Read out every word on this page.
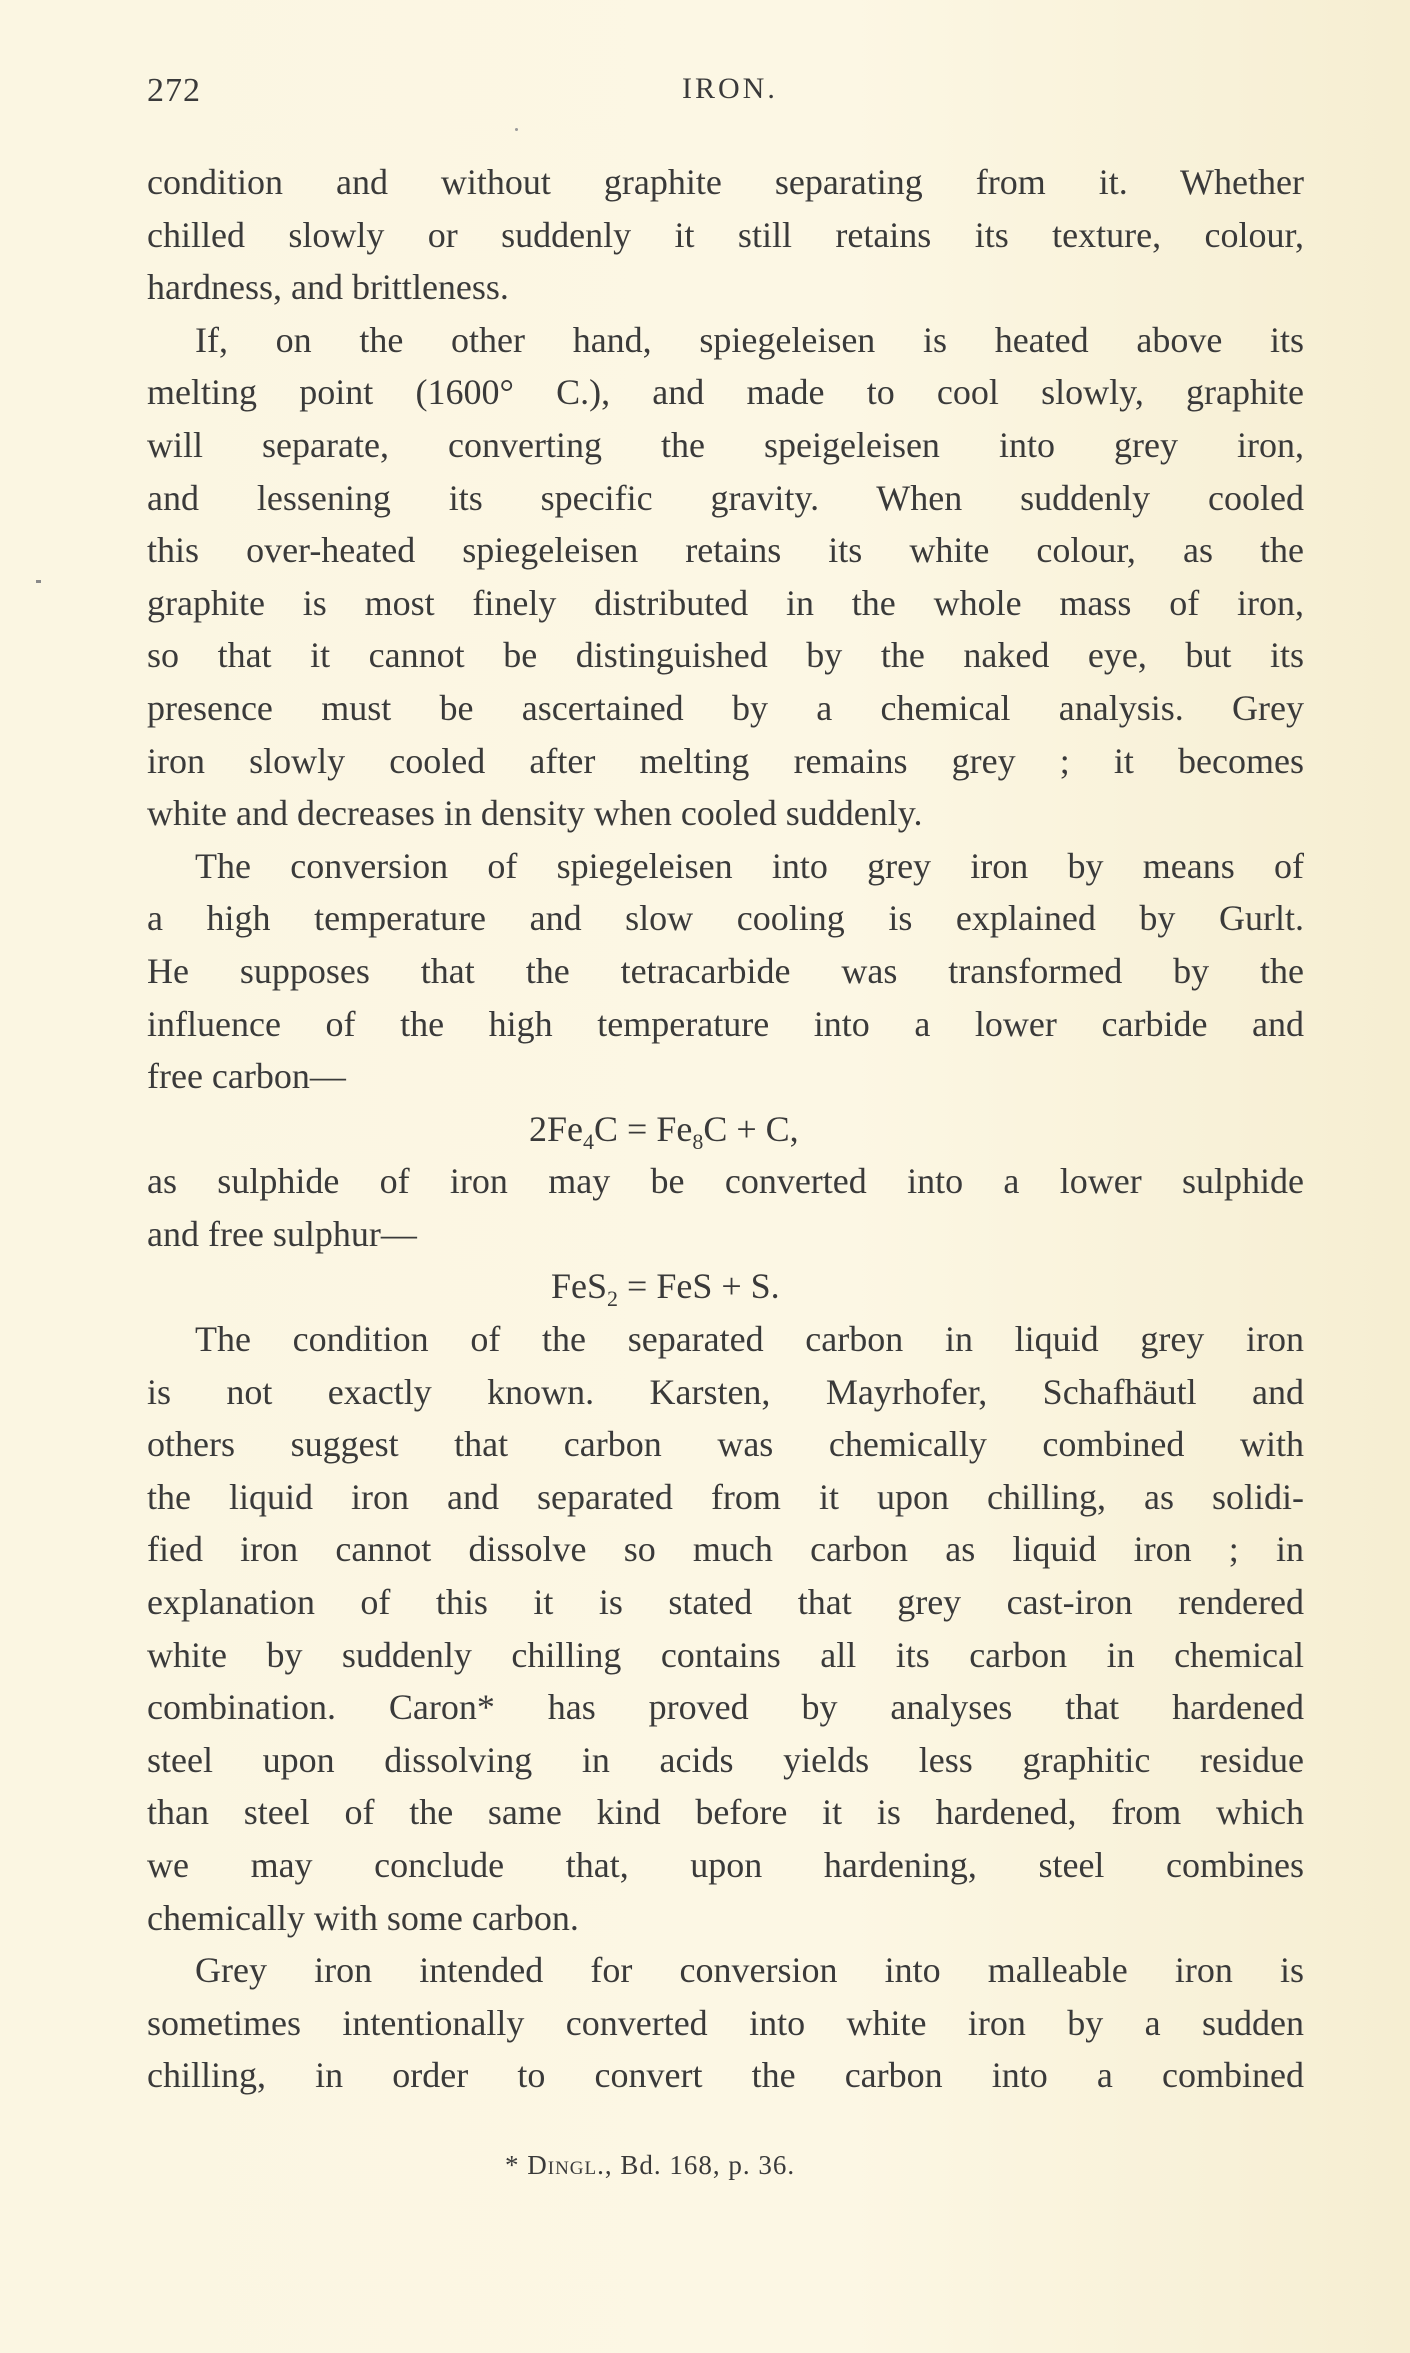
272	IRON.
condition and without graphite separating from it. Whether
chilled slowly or suddenly it still retains its texture, colour,
hardness, and brittleness.
If, on the other hand, spiegeleisen is heated above its
melting point (1600° C.), and made to cool slowly, graphite
will separate, converting the speigeleisen into grey iron,
and lessening its specific gravity. When suddenly cooled
this over-heated spiegeleisen retains its white colour, as the
graphite is most finely distributed in the whole mass of iron,
so that it cannot be distinguished by the naked eye, but its
presence must be ascertained by a chemical analysis. Grey
iron slowly cooled after melting remains grey ; it becomes
white and decreases in density when cooled suddenly.
The conversion of spiegeleisen into grey iron by means of
a high temperature and slow cooling is explained by Gurlt.
He supposes that the tetracarbide was transformed by the
influence of the high temperature into a lower carbide and
free carbon—
$2Fe_4C = Fe_8C + C$,
as sulphide of iron may be converted into a lower sulphide
and free sulphur—
FeS$_2$ = FeS + S.
The condition of the separated carbon in liquid grey iron
is not exactly known. Karsten, Mayrhofer, Schafhäutl and
others suggest that carbon was chemically combined with
the liquid iron and separated from it upon chilling, as solidi-
fied iron cannot dissolve so much carbon as liquid iron ; in
explanation of this it is stated that grey cast-iron rendered
white by suddenly chilling contains all its carbon in chemical
combination. Caron* has proved by analyses that hardened
steel upon dissolving in acids yields less graphitic residue
than steel of the same kind before it is hardened, from which
we may conclude that, upon hardening, steel combines
chemically with some carbon.
Grey iron intended for conversion into malleable iron is
sometimes intentionally converted into white iron by a sudden
chilling, in order to convert the carbon into a combined
* Dingl., Bd. 168, p. 36.
